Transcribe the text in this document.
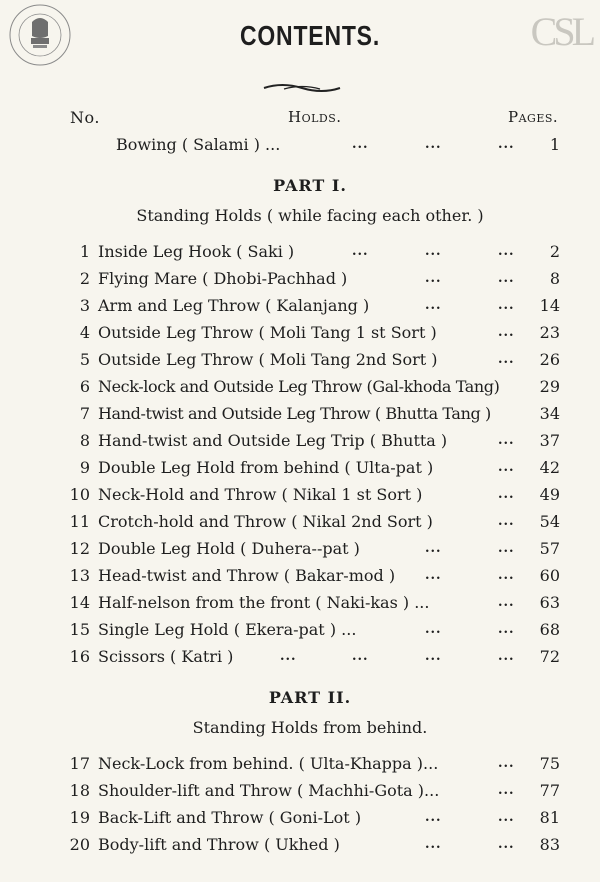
CSL
CONTENTS.
No.	Holds.	Pages.
Bowing ( Salami ) ...	...	...	... 1
PART I.
Standing Holds ( while facing each other. )
1 Inside Leg Hook ( Saki )	...	...	... 2
2 Flying Mare ( Dhobi-Pachhad )	...	... 8
3 Arm and Leg Throw ( Kalanjang )	...	... 14
4 Outside Leg Throw ( Moli Tang 1 st Sort )	... 23
5 Outside Leg Throw ( Moli Tang 2nd Sort )	... 26
6 Neck-lock and Outside Leg Throw (Gal-khoda Tang)	29
7 Hand-twist and Outside Leg Throw ( Bhutta Tang )	34
8 Hand-twist and Outside Leg Trip ( Bhutta )	... 37
9 Double Leg Hold from behind ( Ulta-pat )	... 42
10 Neck-Hold and Throw ( Nikal 1 st Sort )	... 49
11 Crotch-hold and Throw ( Nikal 2nd Sort )	... 54
12 Double Leg Hold ( Duhera--pat )	...	... 57
13 Head-twist and Throw ( Bakar-mod ) ...	... 60
14 Half-nelson from the front ( Naki-kas ) ...	... 63
15 Single Leg Hold ( Ekera-pat ) ...	...	... 68
16 Scissors ( Katri )	...	...	...	... 72
PART II.
Standing Holds from behind.
17 Neck-Lock from behind. ( Ulta-Khappa )...	... 75
18 Shoulder-lift and Throw ( Machhi-Gota )...	... 77
19 Back-Lift and Throw ( Goni-Lot )	...	... 81
20 Body-lift and Throw ( Ukhed )	...	... 83
